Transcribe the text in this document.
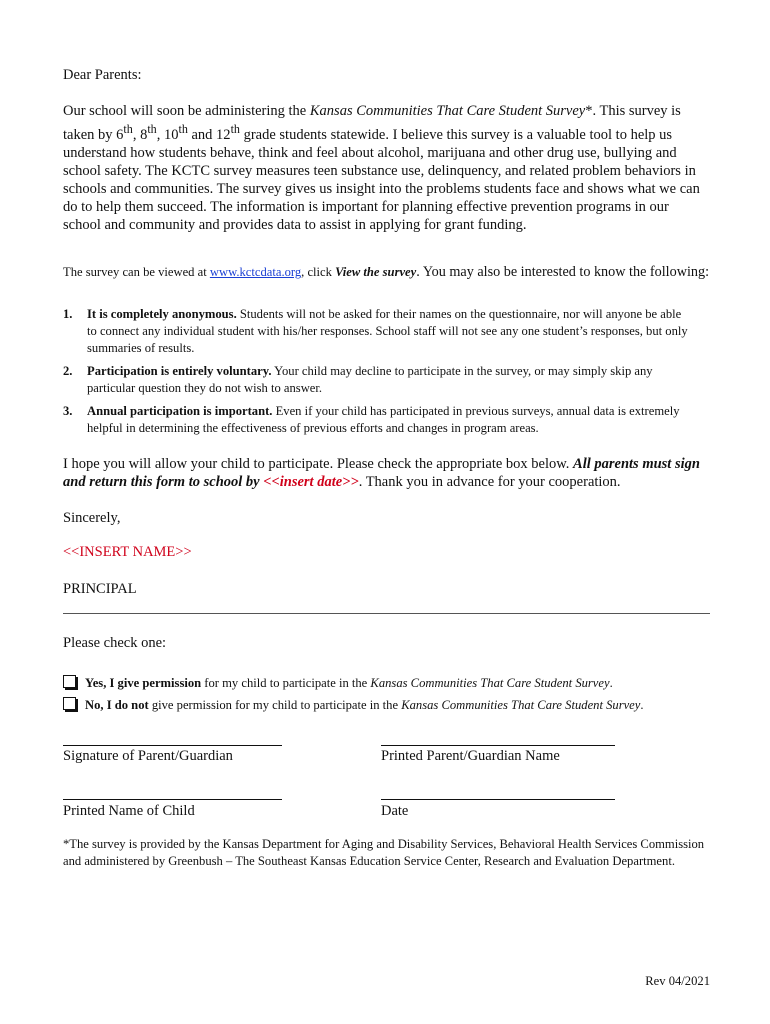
Dear Parents:
Our school will soon be administering the Kansas Communities That Care Student Survey*. This survey is taken by 6th, 8th, 10th and 12th grade students statewide. I believe this survey is a valuable tool to help us understand how students behave, think and feel about alcohol, marijuana and other drug use, bullying and school safety. The KCTC survey measures teen substance use, delinquency, and related problem behaviors in schools and communities. The survey gives us insight into the problems students face and shows what we can do to help them succeed. The information is important for planning effective prevention programs in our school and community and provides data to assist in applying for grant funding.
The survey can be viewed at www.kctcdata.org, click View the survey. You may also be interested to know the following:
1. It is completely anonymous. Students will not be asked for their names on the questionnaire, nor will anyone be able to connect any individual student with his/her responses. School staff will not see any one student’s responses, but only summaries of results.
2. Participation is entirely voluntary. Your child may decline to participate in the survey, or may simply skip any particular question they do not wish to answer.
3. Annual participation is important. Even if your child has participated in previous surveys, annual data is extremely helpful in determining the effectiveness of previous efforts and changes in program areas.
I hope you will allow your child to participate. Please check the appropriate box below. All parents must sign and return this form to school by <<insert date>>. Thank you in advance for your cooperation.
Sincerely,
<<INSERT NAME>>
PRINCIPAL
Please check one:
Yes, I give permission for my child to participate in the Kansas Communities That Care Student Survey.
No, I do not give permission for my child to participate in the Kansas Communities That Care Student Survey.
Signature of Parent/Guardian	Printed Parent/Guardian Name
Printed Name of Child	Date
*The survey is provided by the Kansas Department for Aging and Disability Services, Behavioral Health Services Commission and administered by Greenbush – The Southeast Kansas Education Service Center, Research and Evaluation Department.
Rev 04/2021
